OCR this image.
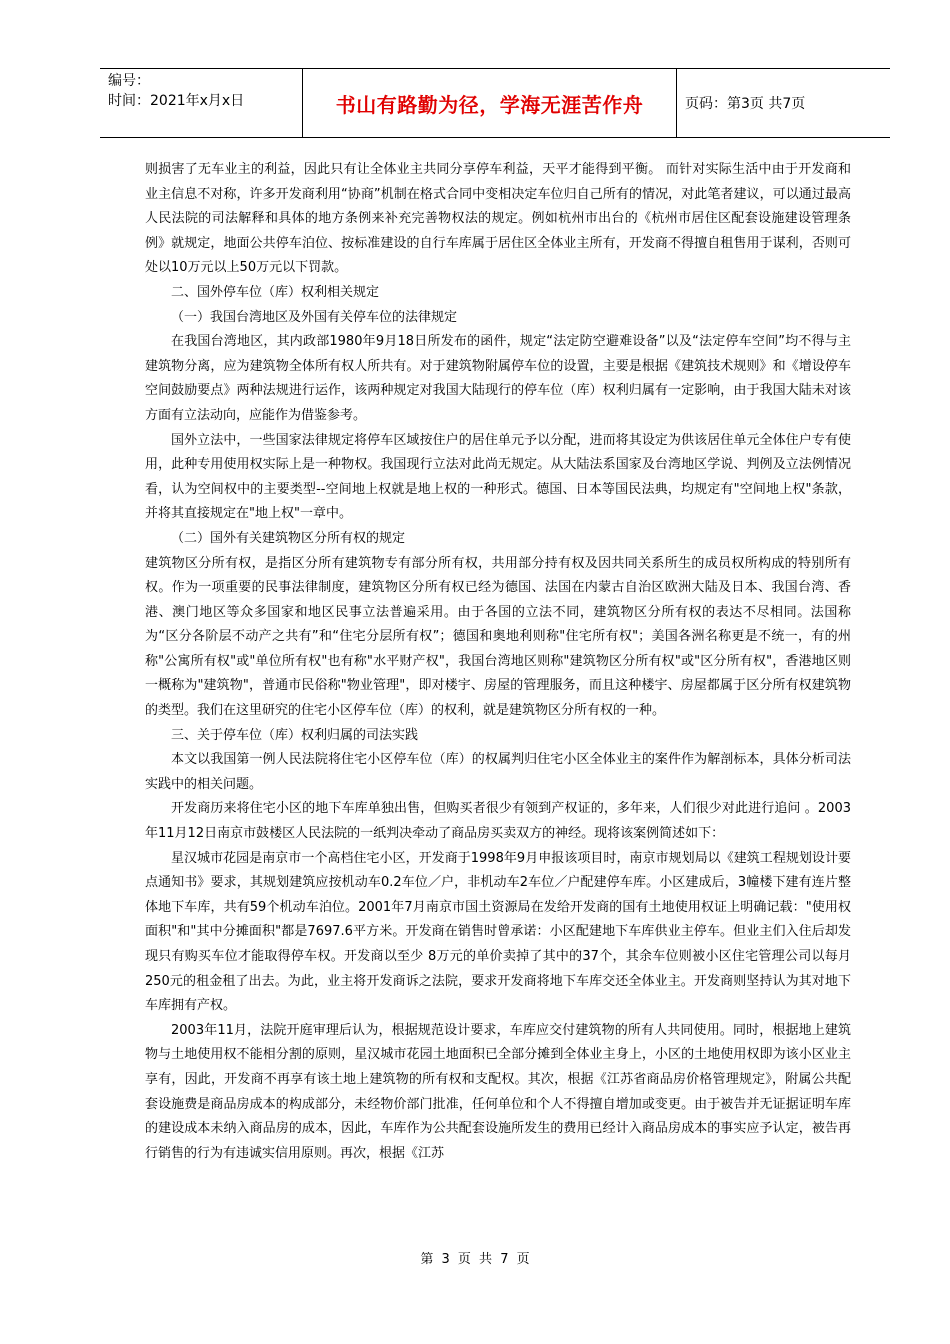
编号：
时间：2021年x月x日	书山有路勤为径，学海无涯苦作舟	页码：第3页 共7页

则损害了无车业主的利益，因此只有让全体业主共同分享停车利益，天平才能得到平衡。 而针对实际生活中由于开发商和业主信息不对称，许多开发商利用“协商”机制在格式合同中变相决定车位归自己所有的情况，对此笔者建议，可以通过最高人民法院的司法解释和具体的地方条例来补充完善物权法的规定。例如杭州市出台的《杭州市居住区配套设施建设管理条例》就规定，地面公共停车泊位、按标准建设的自行车库属于居住区全体业主所有，开发商不得擅自租售用于谋利，否则可处以10万元以上50万元以下罚款。

二、国外停车位（库）权利相关规定

（一）我国台湾地区及外国有关停车位的法律规定

在我国台湾地区，其内政部1980年9月18日所发布的函件，规定“法定防空避难设备”以及“法定停车空间”均不得与主建筑物分离，应为建筑物全体所有权人所共有。对于建筑物附属停车位的设置，主要是根据《建筑技术规则》和《增设停车空间鼓励要点》两种法规进行运作，该两种规定对我国大陆现行的停车位（库）权利归属有一定影响，由于我国大陆未对该方面有立法动向，应能作为借鉴参考。

国外立法中，一些国家法律规定将停车区域按住户的居住单元予以分配，进而将其设定为供该居住单元全体住户专有使用，此种专用使用权实际上是一种物权。我国现行立法对此尚无规定。从大陆法系国家及台湾地区学说、判例及立法例情况看，认为空间权中的主要类型--空间地上权就是地上权的一种形式。德国、日本等国民法典，均规定有"空间地上权"条款，并将其直接规定在"地上权"一章中。

（二）国外有关建筑物区分所有权的规定

建筑物区分所有权，是指区分所有建筑物专有部分所有权，共用部分持有权及因共同关系所生的成员权所构成的特别所有权。作为一项重要的民事法律制度，建筑物区分所有权已经为德国、法国在内蒙古自治区欧洲大陆及日本、我国台湾、香港、澳门地区等众多国家和地区民事立法普遍采用。由于各国的立法不同，建筑物区分所有权的表达不尽相同。法国称为“区分各阶层不动产之共有”和“住宅分层所有权”；德国和奥地利则称"住宅所有权"；美国各洲名称更是不统一，有的州称"公寓所有权"或"单位所有权"也有称"水平财产权"，我国台湾地区则称"建筑物区分所有权"或"区分所有权"，香港地区则一概称为"建筑物"，普通市民俗称"物业管理"，即对楼宇、房屋的管理服务，而且这种楼宇、房屋都属于区分所有权建筑物的类型。我们在这里研究的住宅小区停车位（库）的权利，就是建筑物区分所有权的一种。

三、关于停车位（库）权利归属的司法实践

本文以我国第一例人民法院将住宅小区停车位（库）的权属判归住宅小区全体业主的案件作为解剖标本，具体分析司法实践中的相关问题。

开发商历来将住宅小区的地下车库单独出售，但购买者很少有领到产权证的，多年来，人们很少对此进行追问 。2003年11月12日南京市鼓楼区人民法院的一纸判决牵动了商品房买卖双方的神经。现将该案例简述如下：

星汉城市花园是南京市一个高档住宅小区，开发商于1998年9月申报该项目时，南京市规划局以《建筑工程规划设计要点通知书》要求，其规划建筑应按机动车0.2车位／户，非机动车2车位／户配建停车库。小区建成后，3幢楼下建有连片整体地下车库，共有59个机动车泊位。2001年7月南京市国土资源局在发给开发商的国有土地使用权证上明确记载："使用权面积"和"其中分摊面积"都是7697.6平方米。开发商在销售时曾承诺：小区配建地下车库供业主停车。但业主们入住后却发现只有购买车位才能取得停车权。开发商以至少 8万元的单价卖掉了其中的37个，其余车位则被小区住宅管理公司以每月250元的租金租了出去。为此，业主将开发商诉之法院，要求开发商将地下车库交还全体业主。开发商则坚持认为其对地下车库拥有产权。

2003年11月，法院开庭审理后认为，根据规范设计要求，车库应交付建筑物的所有人共同使用。同时，根据地上建筑物与土地使用权不能相分割的原则，星汉城市花园土地面积已全部分摊到全体业主身上，小区的土地使用权即为该小区业主享有，因此，开发商不再享有该土地上建筑物的所有权和支配权。其次，根据《江苏省商品房价格管理规定》，附属公共配套设施费是商品房成本的构成部分，未经物价部门批准，任何单位和个人不得擅自增加或变更。由于被告并无证据证明车库的建设成本未纳入商品房的成本，因此，车库作为公共配套设施所发生的费用已经计入商品房成本的事实应予认定，被告再行销售的行为有违诚实信用原则。再次，根据《江苏

第 3 页 共 7 页
